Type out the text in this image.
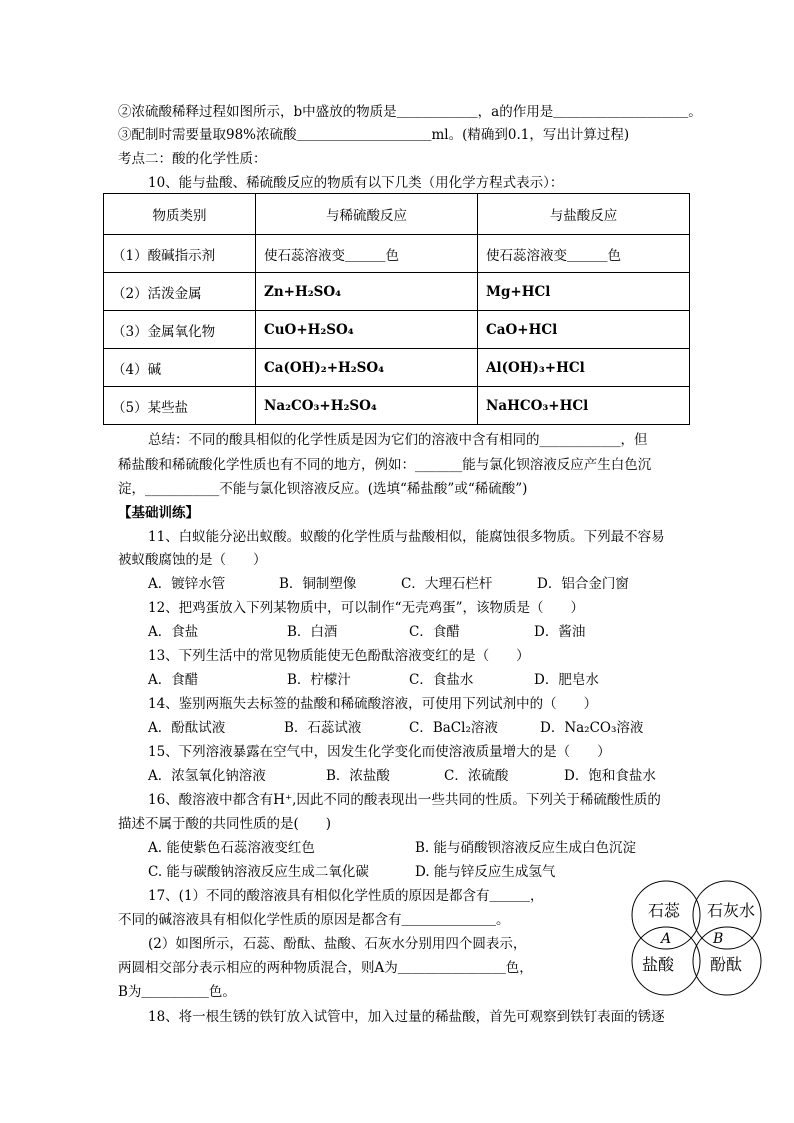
②浓硫酸稀释过程如图所示，b中盛放的物质是＿＿＿＿＿＿，a的作用是＿＿＿＿＿＿＿＿＿＿。
③配制时需要量取98%浓硫酸＿＿＿＿＿＿＿＿＿＿ml。(精确到0.1，写出计算过程)
考点二：酸的化学性质：
10、能与盐酸、稀硫酸反应的物质有以下几类（用化学方程式表示）：
物质类别	与稀硫酸反应	与盐酸反应
（1）酸碱指示剂	使石蕊溶液变＿＿＿色	使石蕊溶液变＿＿＿色
（2）活泼金属	Zn+H₂SO₄	Mg+HCl
（3）金属氧化物	CuO+H₂SO₄	CaO+HCl
（4）碱	Ca(OH)₂+H₂SO₄	Al(OH)₃+HCl
（5）某些盐	Na₂CO₃+H₂SO₄	NaHCO₃+HCl
总结：不同的酸具相似的化学性质是因为它们的溶液中含有相同的____________，但
稀盐酸和稀硫酸化学性质也有不同的地方，例如：_______能与氯化钡溶液反应产生白色沉
淀，___________不能与氯化钡溶液反应。(选填“稀盐酸”或“稀硫酸”)
【基础训练】
11、白蚁能分泌出蚁酸。蚁酸的化学性质与盐酸相似，能腐蚀很多物质。下列最不容易
被蚁酸腐蚀的是（　　）
A．镀锌水管	B．铜制塑像	C．大理石栏杆	D．铝合金门窗
12、把鸡蛋放入下列某物质中，可以制作“无壳鸡蛋”，该物质是（　　）
A．食盐	B．白酒	C．食醋	D．酱油
13、下列生活中的常见物质能使无色酚酞溶液变红的是（　　）
A．食醋	B．柠檬汁	C．食盐水	D．肥皂水
14、鉴别两瓶失去标签的盐酸和稀硫酸溶液，可使用下列试剂中的（　　）
A．酚酞试液	B．石蕊试液	C．BaCl₂溶液	D．Na₂CO₃溶液
15、下列溶液暴露在空气中，因发生化学变化而使溶液质量增大的是（　　）
A．浓氢氧化钠溶液	B．浓盐酸	C．浓硫酸	D．饱和食盐水
16、酸溶液中都含有H⁺,因此不同的酸表现出一些共同的性质。下列关于稀硫酸性质的
描述不属于酸的共同性质的是(　　)
A. 能使紫色石蕊溶液变红色	B. 能与硝酸钡溶液反应生成白色沉淀
C. 能与碳酸钠溶液反应生成二氧化碳	D. 能与锌反应生成氢气
17、(1）不同的酸溶液具有相似化学性质的原因是都含有＿＿＿，
不同的碱溶液具有相似化学性质的原因是都含有＿＿＿＿＿＿＿。
(2）如图所示，石蕊、酚酞、盐酸、石灰水分别用四个圆表示，
两圆相交部分表示相应的两种物质混合，则A为＿＿＿＿＿＿＿＿色，
B为＿＿＿＿＿色。
18、将一根生锈的铁钉放入试管中，加入过量的稀盐酸，首先可观察到铁钉表面的锈逐
石蕊 石灰水
盐酸 酚酞
A	B
